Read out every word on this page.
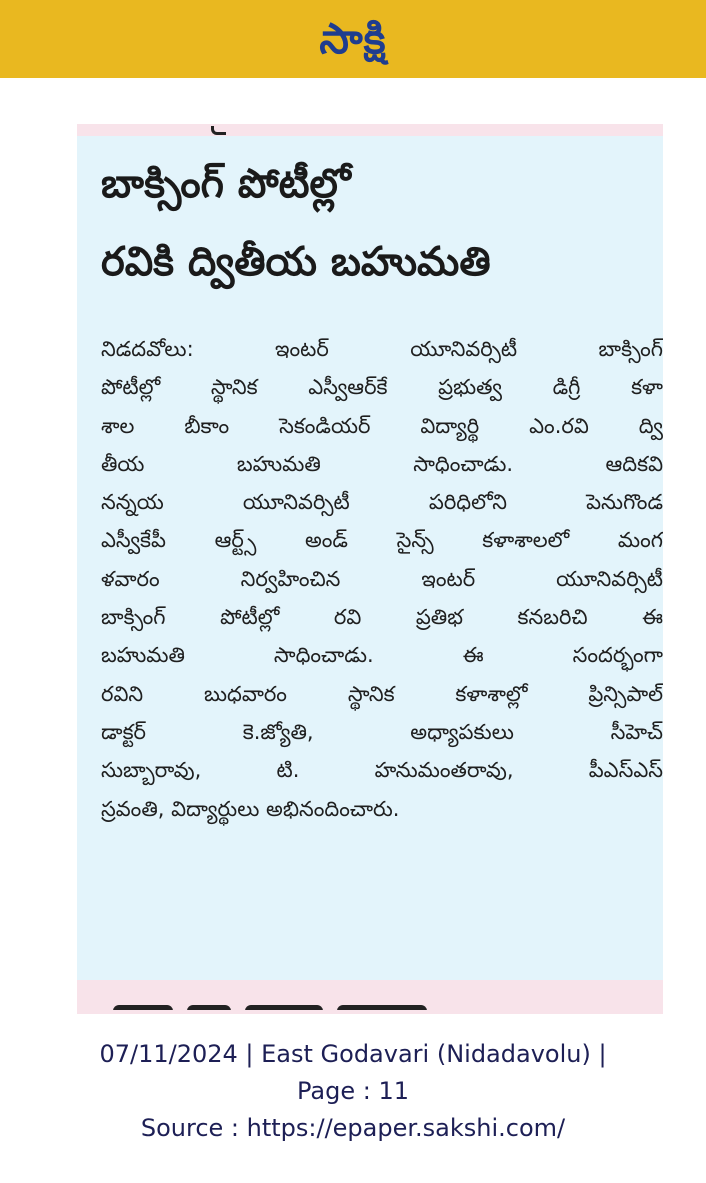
సాక్షి
బాక్సింగ్ పోటీల్లో
రవికి ద్వితీయ బహుమతి

నిడదవోలు: ఇంటర్ యూనివర్సిటీ బాక్సింగ్
పోటీల్లో స్థానిక ఎస్వీఆర్‌కే ప్రభుత్వ డిగ్రీ కళా
శాల బీకాం సెకండియర్ విద్యార్థి ఎం.రవి ద్వి
తీయ బహుమతి సాధించాడు. ఆదికవి
నన్నయ యూనివర్సిటీ పరిధిలోని పెనుగొండ
ఎస్వీకేపీ ఆర్ట్స్ అండ్ సైన్స్ కళాశాలలో మంగ
ళవారం నిర్వహించిన ఇంటర్ యూనివర్సిటీ
బాక్సింగ్ పోటీల్లో రవి ప్రతిభ కనబరిచి ఈ
బహుమతి సాధించాడు. ఈ సందర్భంగా
రవిని బుధవారం స్థానిక కళాశాల్లో ప్రిన్సిపాల్
డాక్టర్ కె.జ్యోతి, అధ్యాపకులు సీహెచ్
సుబ్బారావు, టి. హనుమంతరావు, పీఎస్ఎస్
స్రవంతి, విద్యార్థులు అభినందించారు.

07/11/2024 | East Godavari (Nidadavolu) |
Page : 11
Source : https://epaper.sakshi.com/
